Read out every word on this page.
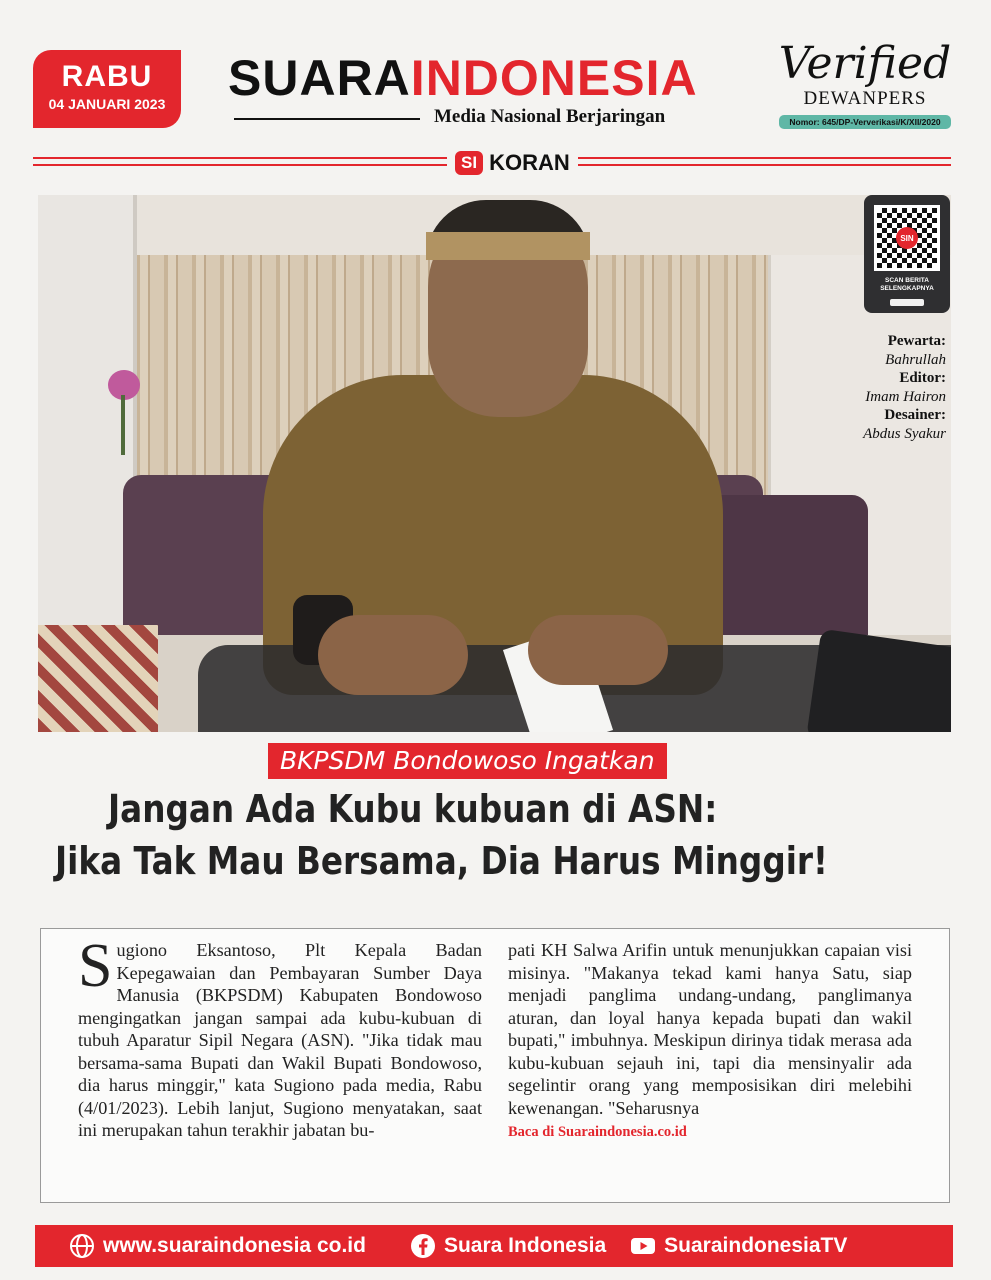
RABU
04 JANUARI 2023	SUARAINDONESIA
Media Nasional Berjaringan
Verified
DEWANPERS
Nomor: 645/DP-Ververikasi/K/XII/2020
SI KORAN
SIN
SCAN BERITA SELENGKAPNYA
Pewarta:
Bahrullah
Editor:
Imam Hairon
Desainer:
Abdus Syakur
BKPSDM Bondowoso Ingatkan
Jangan Ada Kubu kubuan di ASN:
Jika Tak Mau Bersama, Dia Harus Minggir!

Sugiono Eksantoso, Plt Kepala Badan Kepegawaian dan Pembayaran Sumber Daya Manusia (BKPSDM) Kabupaten Bondowoso mengingatkan jangan sampai ada kubu-kubuan di tubuh Aparatur Sipil Negara (ASN). "Jika tidak mau bersama-sama Bupati dan Wakil Bupati Bondowoso, dia harus minggir," kata Sugiono pada media, Rabu (4/01/2023). Lebih lanjut, Sugiono menyatakan, saat ini merupakan tahun terakhir jabatan bu-

pati KH Salwa Arifin untuk menunjukkan capaian visi misinya. "Makanya tekad kami hanya Satu, siap menjadi panglima undang-undang, panglimanya aturan, dan loyal hanya kepada bupati dan wakil bupati," imbuhnya. Meskipun dirinya tidak merasa ada kubu-kubuan sejauh ini, tapi dia mensinyalir ada segelintir orang yang memposisikan diri melebihi kewenangan. "Seharusnya

Baca di Suaraindonesia.co.id

www.suaraindonesia co.id	Suara Indonesia	SuaraindonesiaTV
